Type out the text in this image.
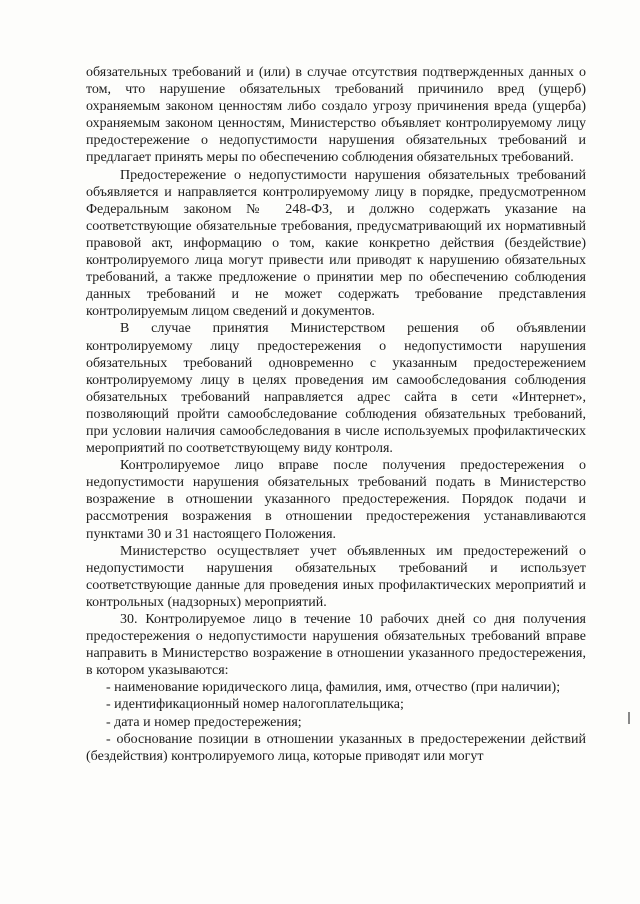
обязательных требований и (или) в случае отсутствия подтвержденных данных о том, что нарушение обязательных требований причинило вред (ущерб) охраняемым законом ценностям либо создало угрозу причинения вреда (ущерба) охраняемым законом ценностям, Министерство объявляет контролируемому лицу предостережение о недопустимости нарушения обязательных требований и предлагает принять меры по обеспечению соблюдения обязательных требований.

Предостережение о недопустимости нарушения обязательных требований объявляется и направляется контролируемому лицу в порядке, предусмотренном Федеральным законом № 248-ФЗ, и должно содержать указание на соответствующие обязательные требования, предусматривающий их нормативный правовой акт, информацию о том, какие конкретно действия (бездействие) контролируемого лица могут привести или приводят к нарушению обязательных требований, а также предложение о принятии мер по обеспечению соблюдения данных требований и не может содержать требование представления контролируемым лицом сведений и документов.

В случае принятия Министерством решения об объявлении контролируемому лицу предостережения о недопустимости нарушения обязательных требований одновременно с указанным предостережением контролируемому лицу в целях проведения им самообследования соблюдения обязательных требований направляется адрес сайта в сети «Интернет», позволяющий пройти самообследование соблюдения обязательных требований, при условии наличия самообследования в числе используемых профилактических мероприятий по соответствующему виду контроля.

Контролируемое лицо вправе после получения предостережения о недопустимости нарушения обязательных требований подать в Министерство возражение в отношении указанного предостережения. Порядок подачи и рассмотрения возражения в отношении предостережения устанавливаются пунктами 30 и 31 настоящего Положения.

Министерство осуществляет учет объявленных им предостережений о недопустимости нарушения обязательных требований и использует соответствующие данные для проведения иных профилактических мероприятий и контрольных (надзорных) мероприятий.

30. Контролируемое лицо в течение 10 рабочих дней со дня получения предостережения о недопустимости нарушения обязательных требований вправе направить в Министерство возражение в отношении указанного предостережения, в котором указываются:

- наименование юридического лица, фамилия, имя, отчество (при наличии);

- идентификационный номер налогоплательщика;

- дата и номер предостережения;

- обоснование позиции в отношении указанных в предостережении действий (бездействия) контролируемого лица, которые приводят или могут
